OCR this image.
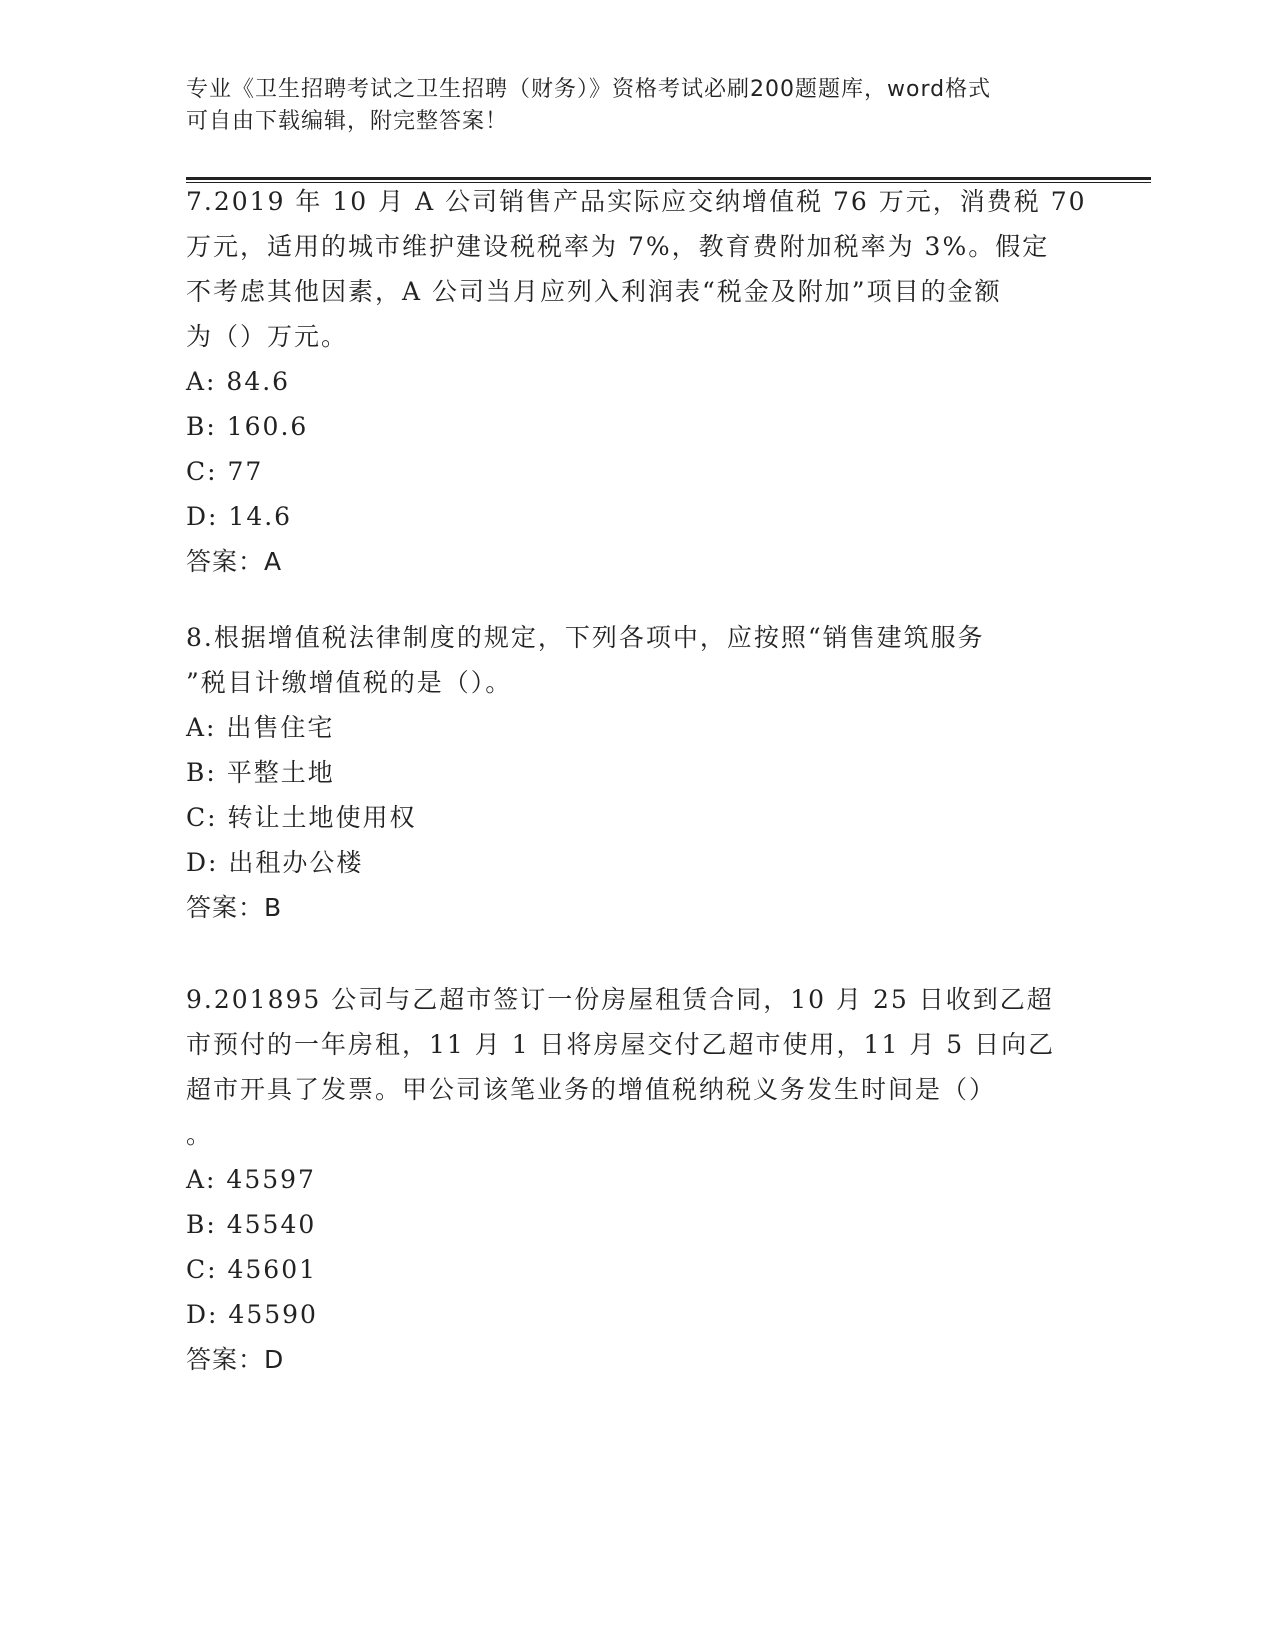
专业《卫生招聘考试之卫生招聘（财务）》资格考试必刷200题题库，word格式
可自由下载编辑，附完整答案！
7.2019 年 10 月 A 公司销售产品实际应交纳增值税 76 万元，消费税 70
万元，适用的城市维护建设税税率为 7%，教育费附加税率为 3%。假定
不考虑其他因素，A 公司当月应列入利润表“税金及附加”项目的金额
为（）万元。
A: 84.6
B: 160.6
C: 77
D: 14.6
答案：A
8.根据增值税法律制度的规定，下列各项中，应按照“销售建筑服务
”税目计缴增值税的是（）。
A: 出售住宅
B: 平整土地
C: 转让土地使用权
D: 出租办公楼
答案：B
9.201895 公司与乙超市签订一份房屋租赁合同，10 月 25 日收到乙超
市预付的一年房租，11 月 1 日将房屋交付乙超市使用，11 月 5 日向乙
超市开具了发票。甲公司该笔业务的增值税纳税义务发生时间是（）
。
A: 45597
B: 45540
C: 45601
D: 45590
答案：D
